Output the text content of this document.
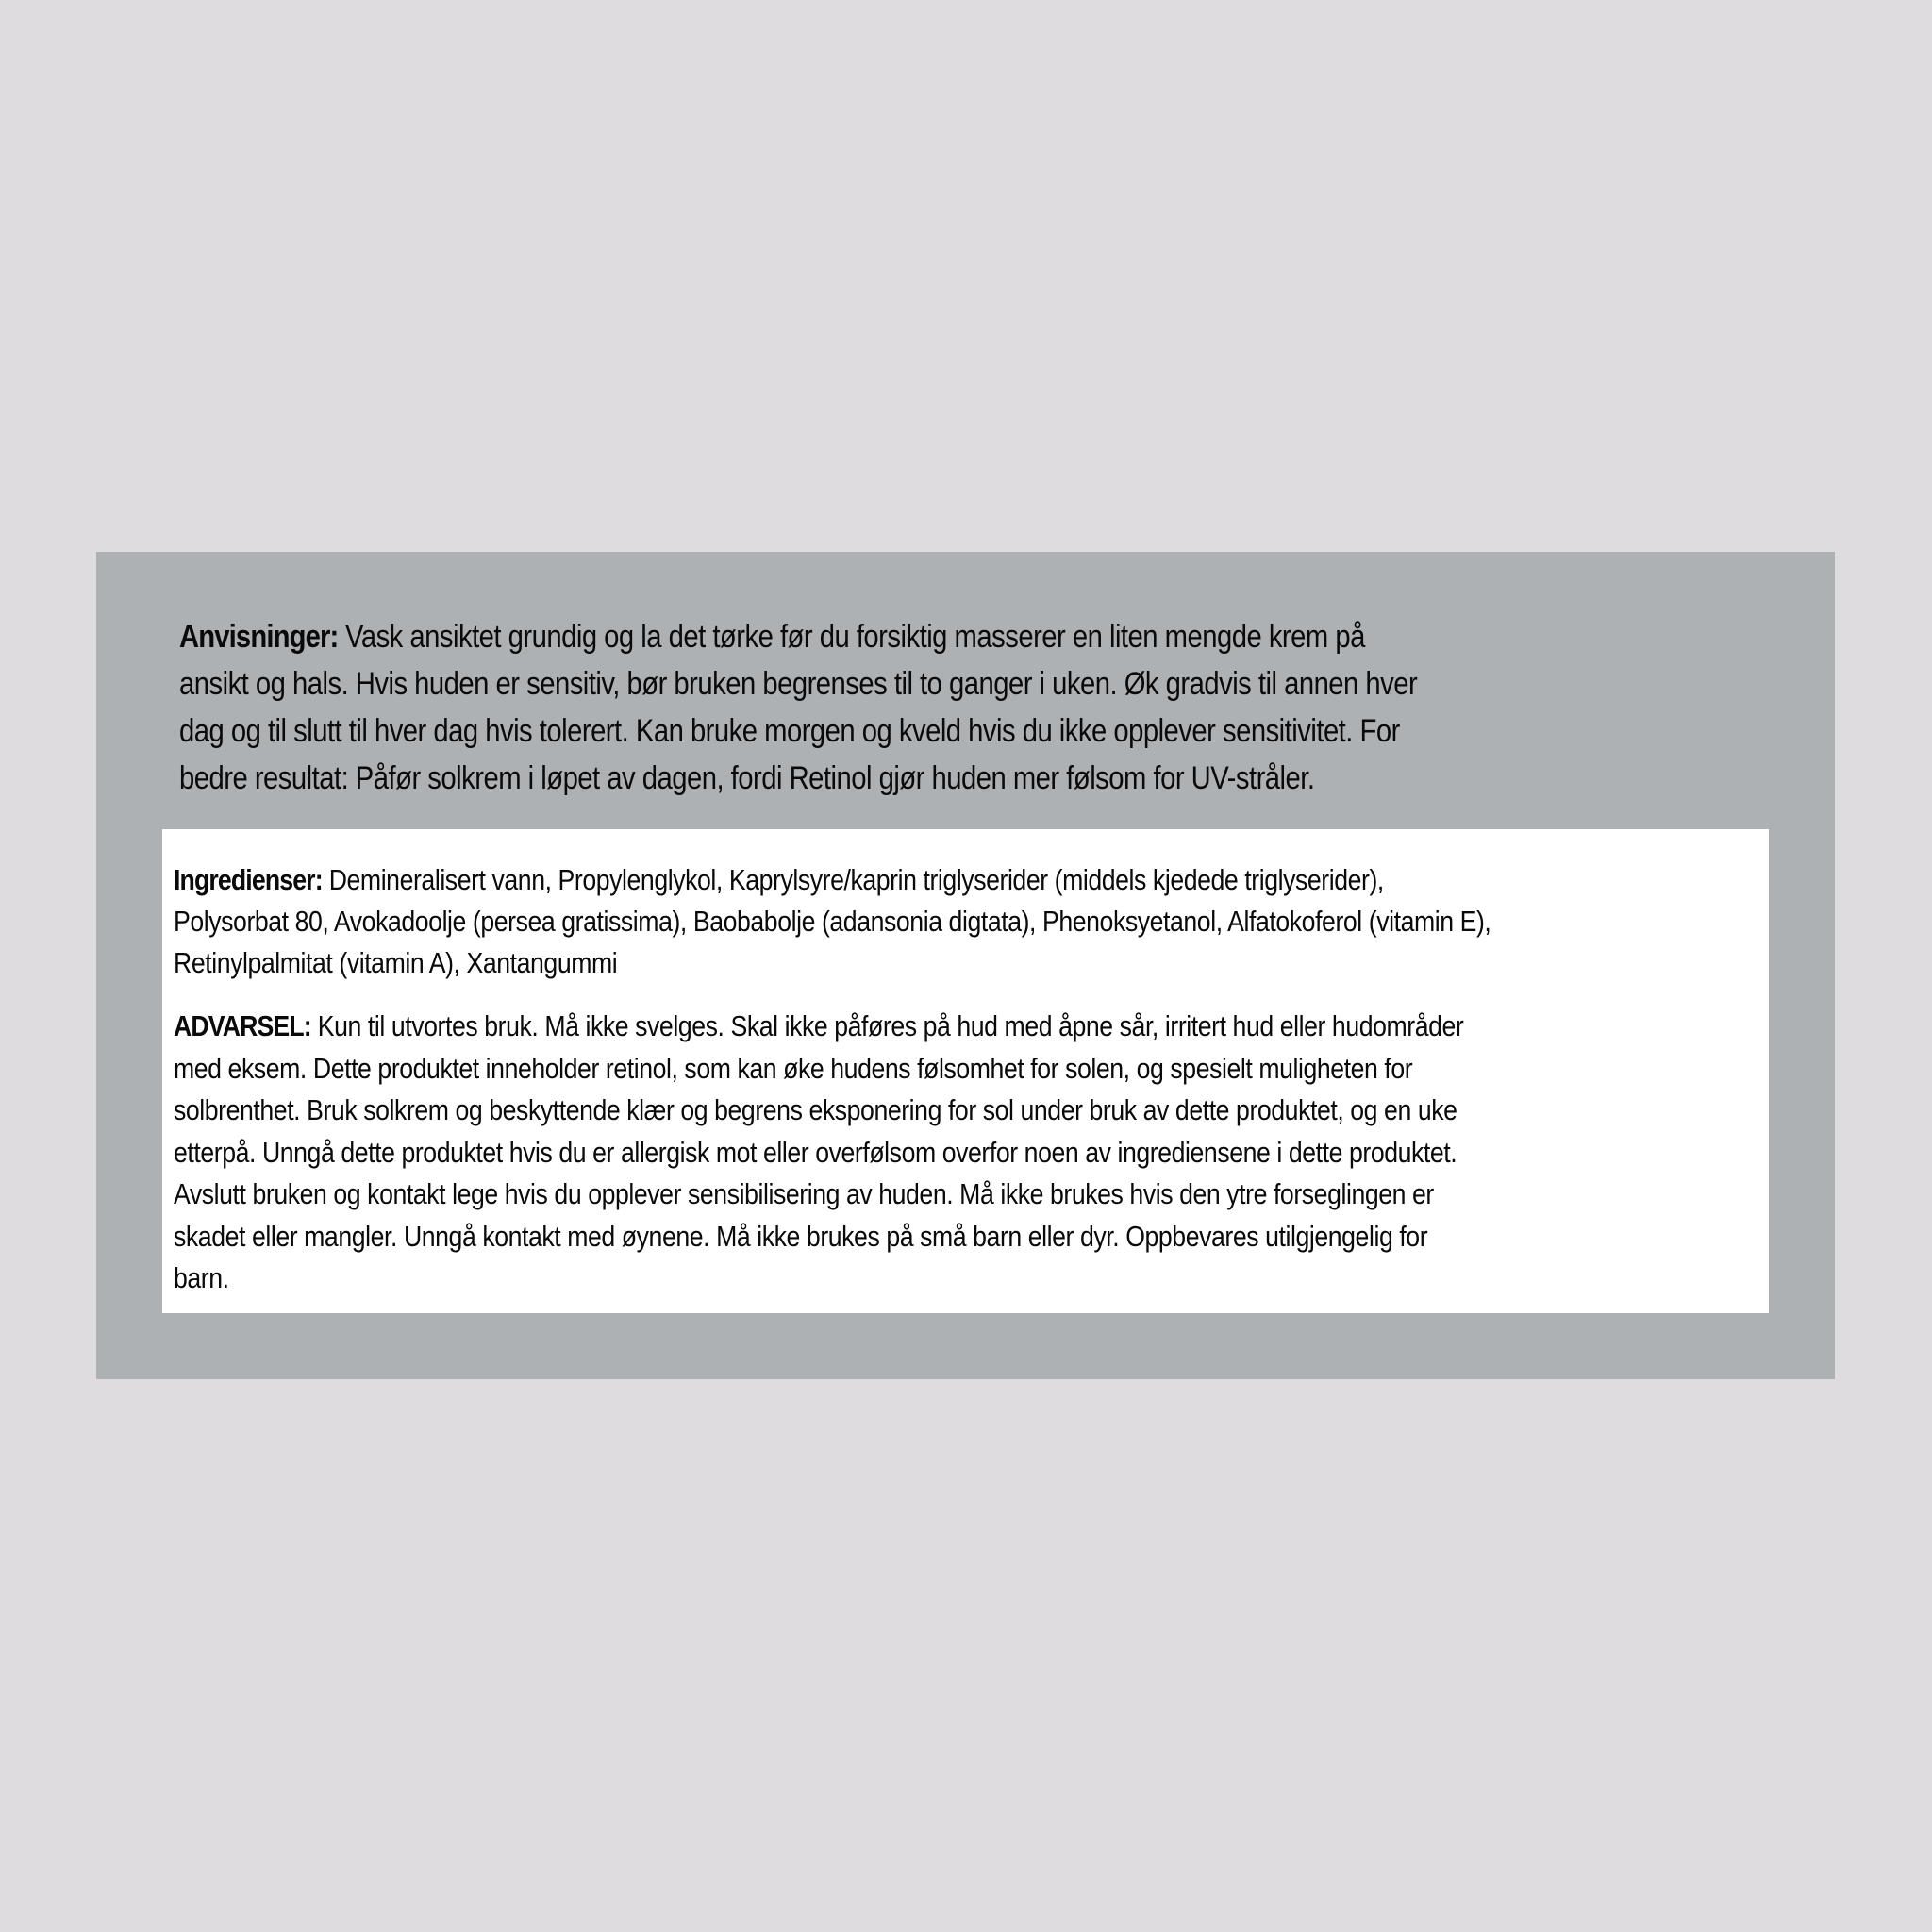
Anvisninger: Vask ansiktet grundig og la det tørke før du forsiktig masserer en liten mengde krem på
ansikt og hals. Hvis huden er sensitiv, bør bruken begrenses til to ganger i uken. Øk gradvis til annen hver
dag og til slutt til hver dag hvis tolerert. Kan bruke morgen og kveld hvis du ikke opplever sensitivitet. For
bedre resultat: Påfør solkrem i løpet av dagen, fordi Retinol gjør huden mer følsom for UV-stråler.
Ingredienser: Demineralisert vann, Propylenglykol, Kaprylsyre/kaprin triglyserider (middels kjedede triglyserider),
Polysorbat 80, Avokadoolje (persea gratissima), Baobabolje (adansonia digtata), Phenoksyetanol, Alfatokoferol (vitamin E),
Retinylpalmitat (vitamin A), Xantangummi
ADVARSEL: Kun til utvortes bruk. Må ikke svelges. Skal ikke påføres på hud med åpne sår, irritert hud eller hudområder
med eksem. Dette produktet inneholder retinol, som kan øke hudens følsomhet for solen, og spesielt muligheten for
solbrenthet. Bruk solkrem og beskyttende klær og begrens eksponering for sol under bruk av dette produktet, og en uke
etterpå. Unngå dette produktet hvis du er allergisk mot eller overfølsom overfor noen av ingrediensene i dette produktet.
Avslutt bruken og kontakt lege hvis du opplever sensibilisering av huden. Må ikke brukes hvis den ytre forseglingen er
skadet eller mangler. Unngå kontakt med øynene. Må ikke brukes på små barn eller dyr. Oppbevares utilgjengelig for
barn.
